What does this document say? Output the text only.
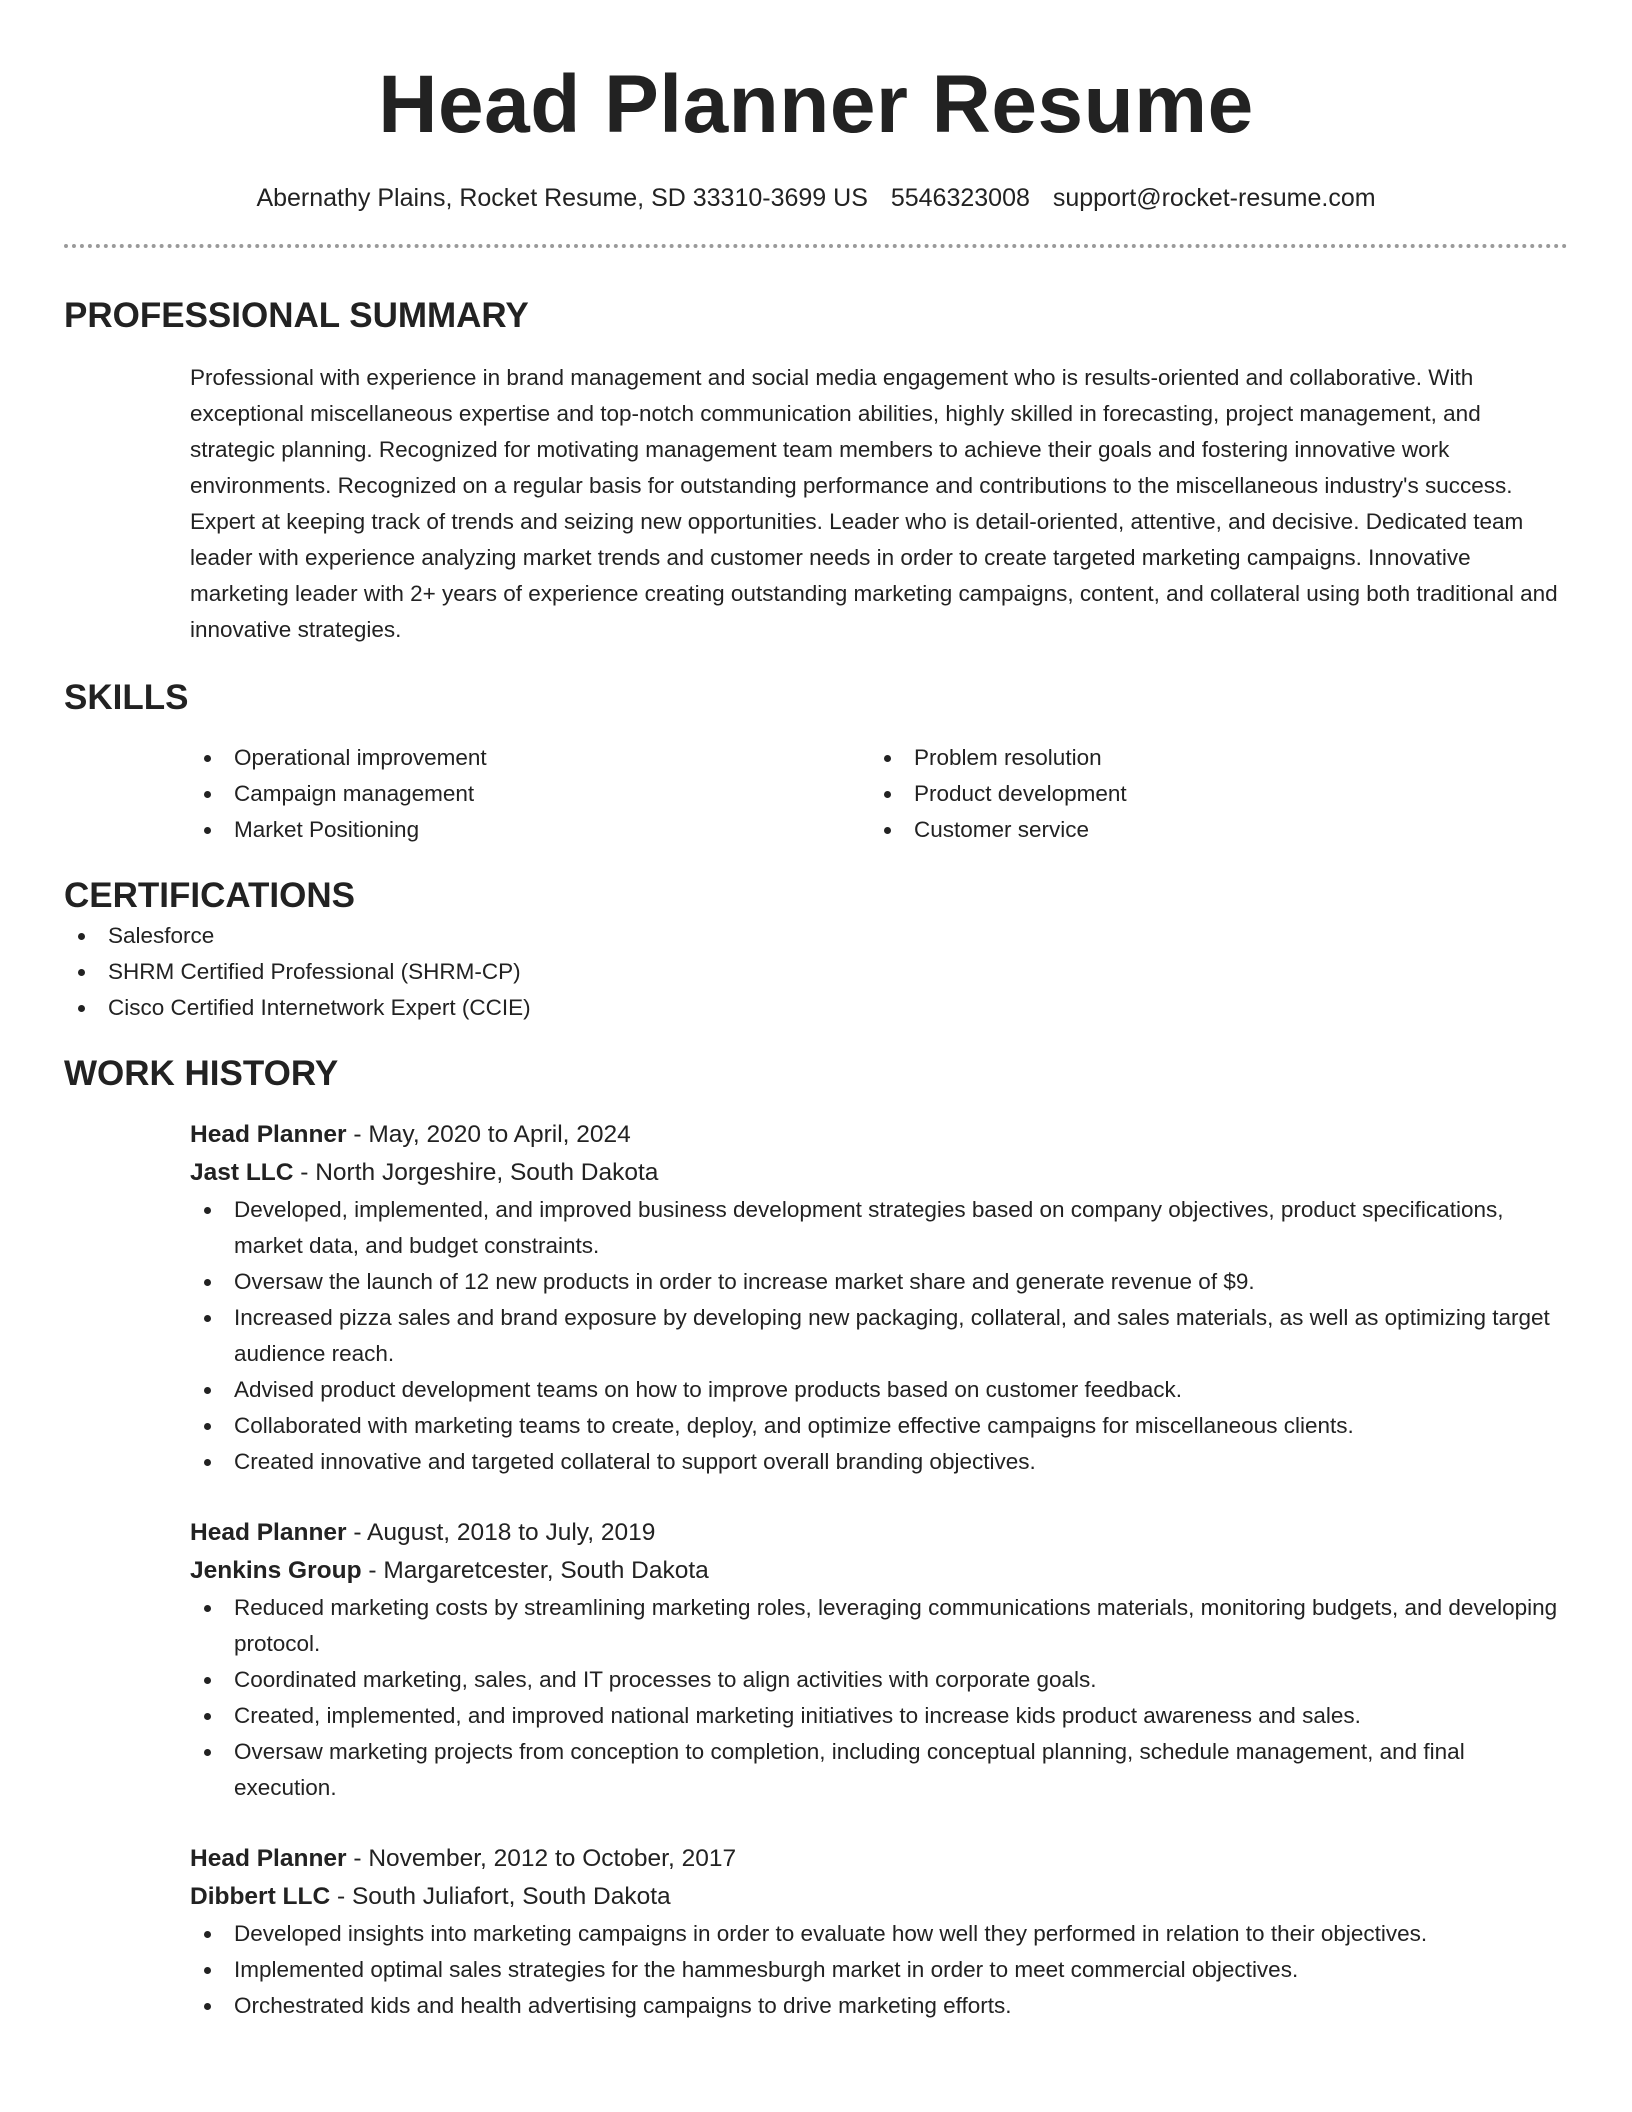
Head Planner Resume
Abernathy Plains, Rocket Resume, SD 33310-3699 US 5546323008 support@rocket-resume.com
PROFESSIONAL SUMMARY

Professional with experience in brand management and social media engagement who is results-oriented and collaborative. With exceptional miscellaneous expertise and top-notch communication abilities, highly skilled in forecasting, project management, and strategic planning. Recognized for motivating management team members to achieve their goals and fostering innovative work environments. Recognized on a regular basis for outstanding performance and contributions to the miscellaneous industry's success. Expert at keeping track of trends and seizing new opportunities. Leader who is detail-oriented, attentive, and decisive. Dedicated team leader with experience analyzing market trends and customer needs in order to create targeted marketing campaigns. Innovative marketing leader with 2+ years of experience creating outstanding marketing campaigns, content, and collateral using both traditional and innovative strategies.

SKILLS
Operational improvement
Campaign management
Market Positioning
Problem resolution
Product development
Customer service
CERTIFICATIONS
Salesforce
SHRM Certified Professional (SHRM-CP)
Cisco Certified Internetwork Expert (CCIE)
WORK HISTORY
Head Planner - May, 2020 to April, 2024
Jast LLC - North Jorgeshire, South Dakota
Developed, implemented, and improved business development strategies based on company objectives, product specifications, market data, and budget constraints.
Oversaw the launch of 12 new products in order to increase market share and generate revenue of $9.
Increased pizza sales and brand exposure by developing new packaging, collateral, and sales materials, as well as optimizing target audience reach.
Advised product development teams on how to improve products based on customer feedback.
Collaborated with marketing teams to create, deploy, and optimize effective campaigns for miscellaneous clients.
Created innovative and targeted collateral to support overall branding objectives.
Head Planner - August, 2018 to July, 2019
Jenkins Group - Margaretcester, South Dakota
Reduced marketing costs by streamlining marketing roles, leveraging communications materials, monitoring budgets, and developing protocol.
Coordinated marketing, sales, and IT processes to align activities with corporate goals.
Created, implemented, and improved national marketing initiatives to increase kids product awareness and sales.
Oversaw marketing projects from conception to completion, including conceptual planning, schedule management, and final execution.
Head Planner - November, 2012 to October, 2017
Dibbert LLC - South Juliafort, South Dakota
Developed insights into marketing campaigns in order to evaluate how well they performed in relation to their objectives.
Implemented optimal sales strategies for the hammesburgh market in order to meet commercial objectives.
Orchestrated kids and health advertising campaigns to drive marketing efforts.
